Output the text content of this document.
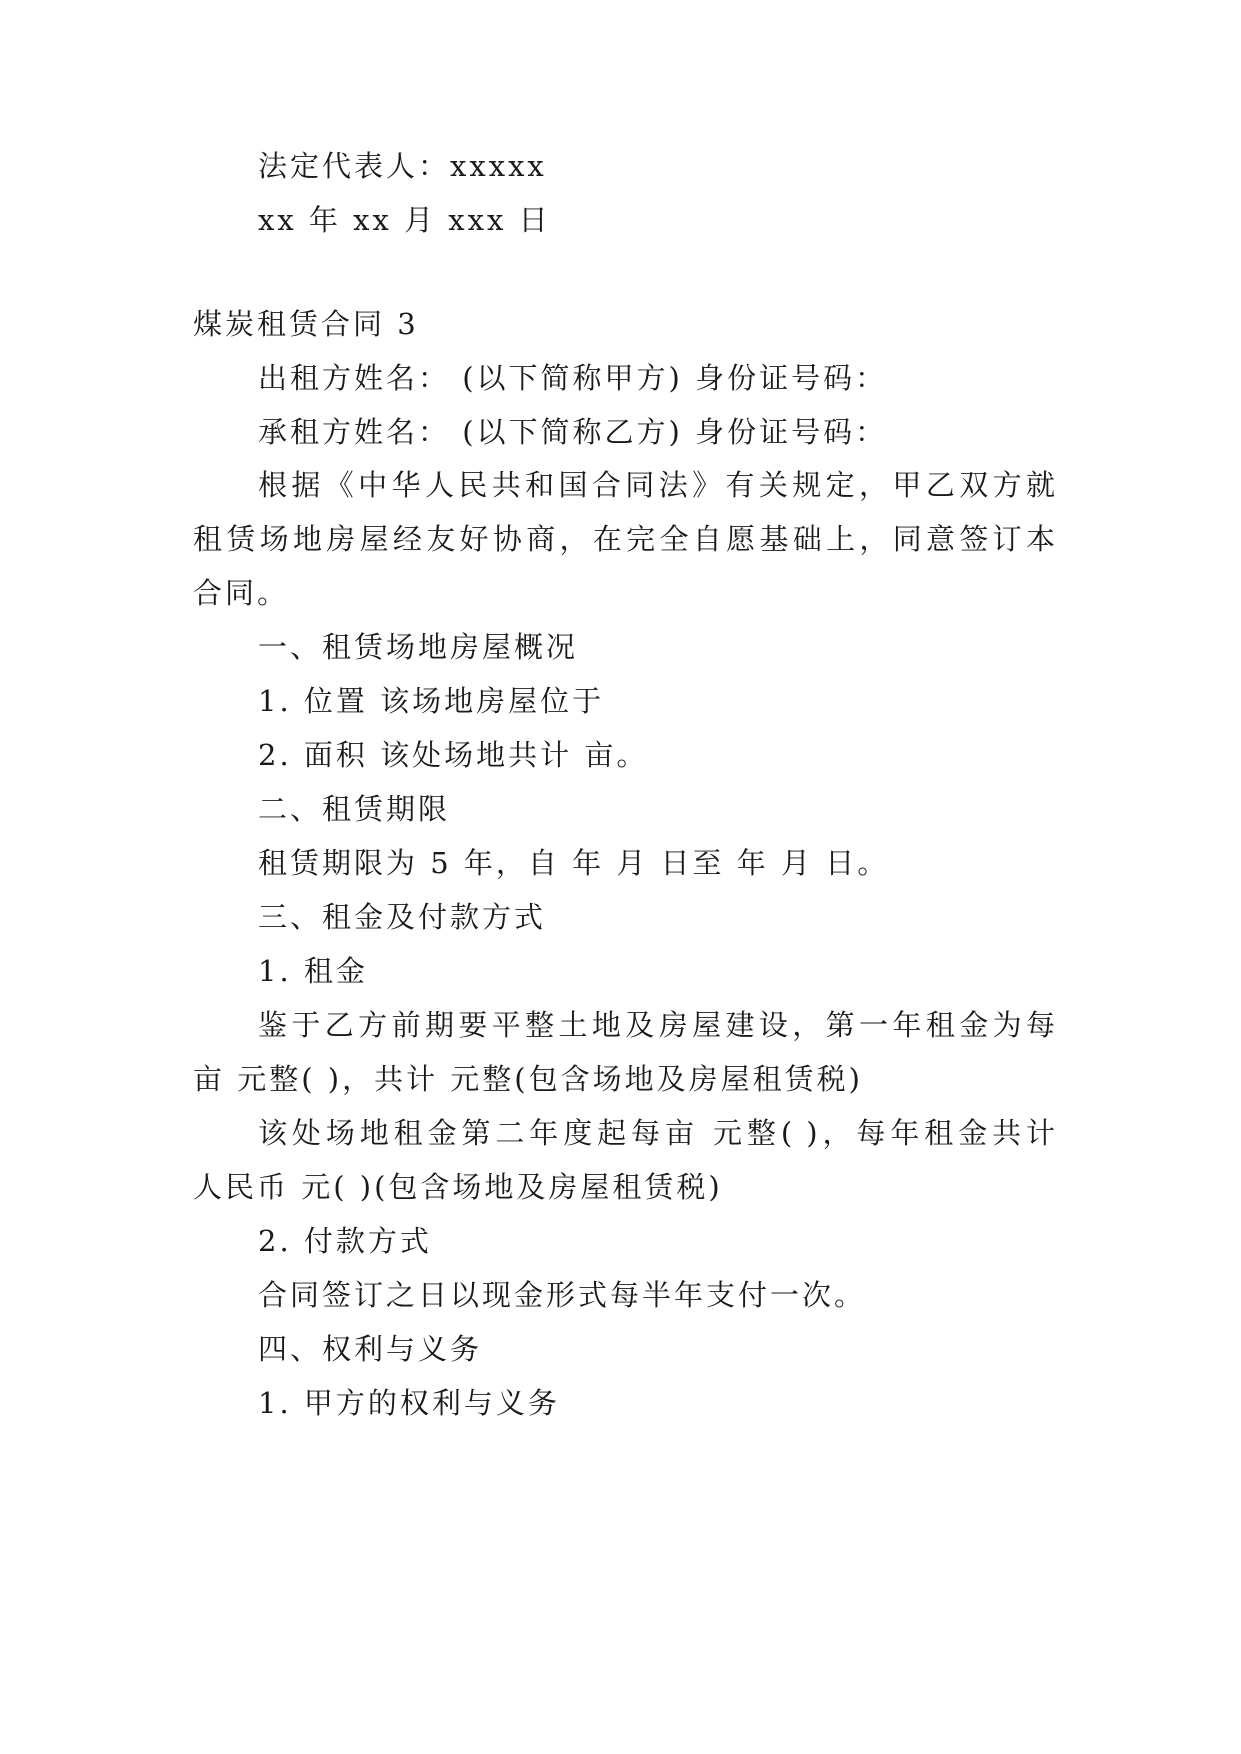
法定代表人：xxxxx
xx 年 xx 月 xxx 日
煤炭租赁合同 3
出租方姓名： (以下简称甲方) 身份证号码：
承租方姓名： (以下简称乙方) 身份证号码：
根据《中华人民共和国合同法》有关规定，甲乙双方就
租赁场地房屋经友好协商，在完全自愿基础上，同意签订本
合同。
一、租赁场地房屋概况
1. 位置 该场地房屋位于
2. 面积 该处场地共计 亩。
二、租赁期限
租赁期限为 5 年，自 年 月 日至 年 月 日。
三、租金及付款方式
1. 租金
鉴于乙方前期要平整土地及房屋建设，第一年租金为每
亩 元整( )，共计 元整(包含场地及房屋租赁税)
该处场地租金第二年度起每亩 元整( )，每年租金共计
人民币 元( )(包含场地及房屋租赁税)
2. 付款方式
合同签订之日以现金形式每半年支付一次。
四、权利与义务
1. 甲方的权利与义务
